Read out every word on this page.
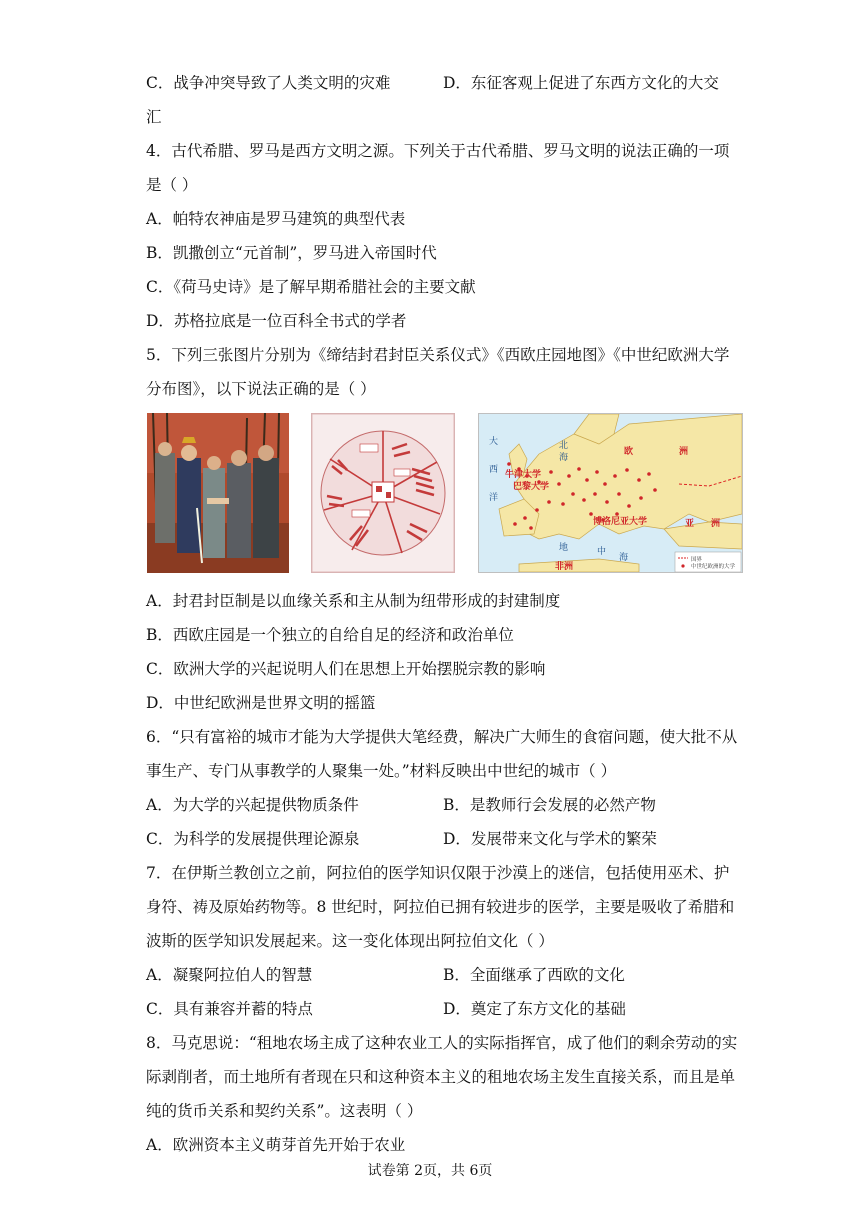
C．战争冲突导致了人类文明的灾难	D．东征客观上促进了东西方文化的大交
汇
4．古代希腊、罗马是西方文明之源。下列关于古代希腊、罗马文明的说法正确的一项
是（ ）
A．帕特农神庙是罗马建筑的典型代表
B．凯撒创立“元首制”，罗马进入帝国时代
C．《荷马史诗》是了解早期希腊社会的主要文献
D．苏格拉底是一位百科全书式的学者
5．下列三张图片分别为《缔结封君封臣关系仪式》《西欧庄园地图》《中世纪欧洲大学
分布图》，以下说法正确的是（ ）
大
西
洋
北
海
牛津大学
巴黎大学
博洛尼亚大学
欧	洲
亚 洲
地	中
海
非洲
国界
中世纪欧洲的大学
A．封君封臣制是以血缘关系和主从制为纽带形成的封建制度
B．西欧庄园是一个独立的自给自足的经济和政治单位
C．欧洲大学的兴起说明人们在思想上开始摆脱宗教的影响
D．中世纪欧洲是世界文明的摇篮
6．“只有富裕的城市才能为大学提供大笔经费，解决广大师生的食宿问题，使大批不从
事生产、专门从事教学的人聚集一处。”材料反映出中世纪的城市（ ）
A．为大学的兴起提供物质条件	B．是教师行会发展的必然产物
C．为科学的发展提供理论源泉	D．发展带来文化与学术的繁荣
7．在伊斯兰教创立之前，阿拉伯的医学知识仅限于沙漠上的迷信，包括使用巫术、护
身符、祷及原始药物等。8 世纪时，阿拉伯已拥有较进步的医学，主要是吸收了希腊和
波斯的医学知识发展起来。这一变化体现出阿拉伯文化（ ）
A．凝聚阿拉伯人的智慧	B．全面继承了西欧的文化
C．具有兼容并蓄的特点	D．奠定了东方文化的基础
8．马克思说：“租地农场主成了这种农业工人的实际指挥官，成了他们的剩余劳动的实
际剥削者，而土地所有者现在只和这种资本主义的租地农场主发生直接关系，而且是单
纯的货币关系和契约关系”。这表明（ ）
A．欧洲资本主义萌芽首先开始于农业
试卷第 2页，共 6页
